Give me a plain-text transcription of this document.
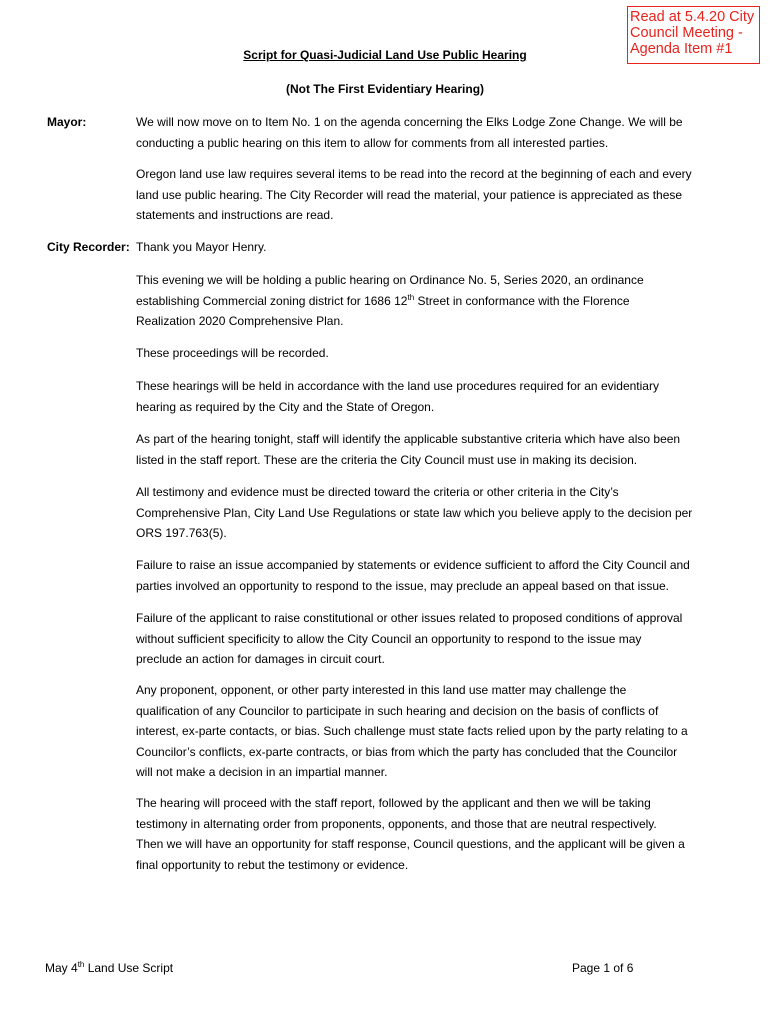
Read at 5.4.20 City
Council Meeting -
Agenda Item #1
Script for Quasi-Judicial Land Use Public Hearing
(Not The First Evidentiary Hearing)
Mayor:	We will now move on to Item No. 1 on the agenda concerning the Elks Lodge Zone Change. We will be
conducting a public hearing on this item to allow for comments from all interested parties.

Oregon land use law requires several items to be read into the record at the beginning of each and every
land use public hearing. The City Recorder will read the material, your patience is appreciated as these
statements and instructions are read.

City Recorder: Thank you Mayor Henry.

This evening we will be holding a public hearing on Ordinance No. 5, Series 2020, an ordinance
establishing Commercial zoning district for 1686 12th Street in conformance with the Florence
Realization 2020 Comprehensive Plan.

These proceedings will be recorded.

These hearings will be held in accordance with the land use procedures required for an evidentiary
hearing as required by the City and the State of Oregon.

As part of the hearing tonight, staff will identify the applicable substantive criteria which have also been
listed in the staff report. These are the criteria the City Council must use in making its decision.

All testimony and evidence must be directed toward the criteria or other criteria in the City’s
Comprehensive Plan, City Land Use Regulations or state law which you believe apply to the decision per
ORS 197.763(5).

Failure to raise an issue accompanied by statements or evidence sufficient to afford the City Council and
parties involved an opportunity to respond to the issue, may preclude an appeal based on that issue.

Failure of the applicant to raise constitutional or other issues related to proposed conditions of approval
without sufficient specificity to allow the City Council an opportunity to respond to the issue may
preclude an action for damages in circuit court.

Any proponent, opponent, or other party interested in this land use matter may challenge the
qualification of any Councilor to participate in such hearing and decision on the basis of conflicts of
interest, ex-parte contacts, or bias. Such challenge must state facts relied upon by the party relating to a
Councilor’s conflicts, ex-parte contracts, or bias from which the party has concluded that the Councilor
will not make a decision in an impartial manner.

The hearing will proceed with the staff report, followed by the applicant and then we will be taking
testimony in alternating order from proponents, opponents, and those that are neutral respectively.
Then we will have an opportunity for staff response, Council questions, and the applicant will be given a
final opportunity to rebut the testimony or evidence.

May 4th Land Use Script	Page 1 of 6
